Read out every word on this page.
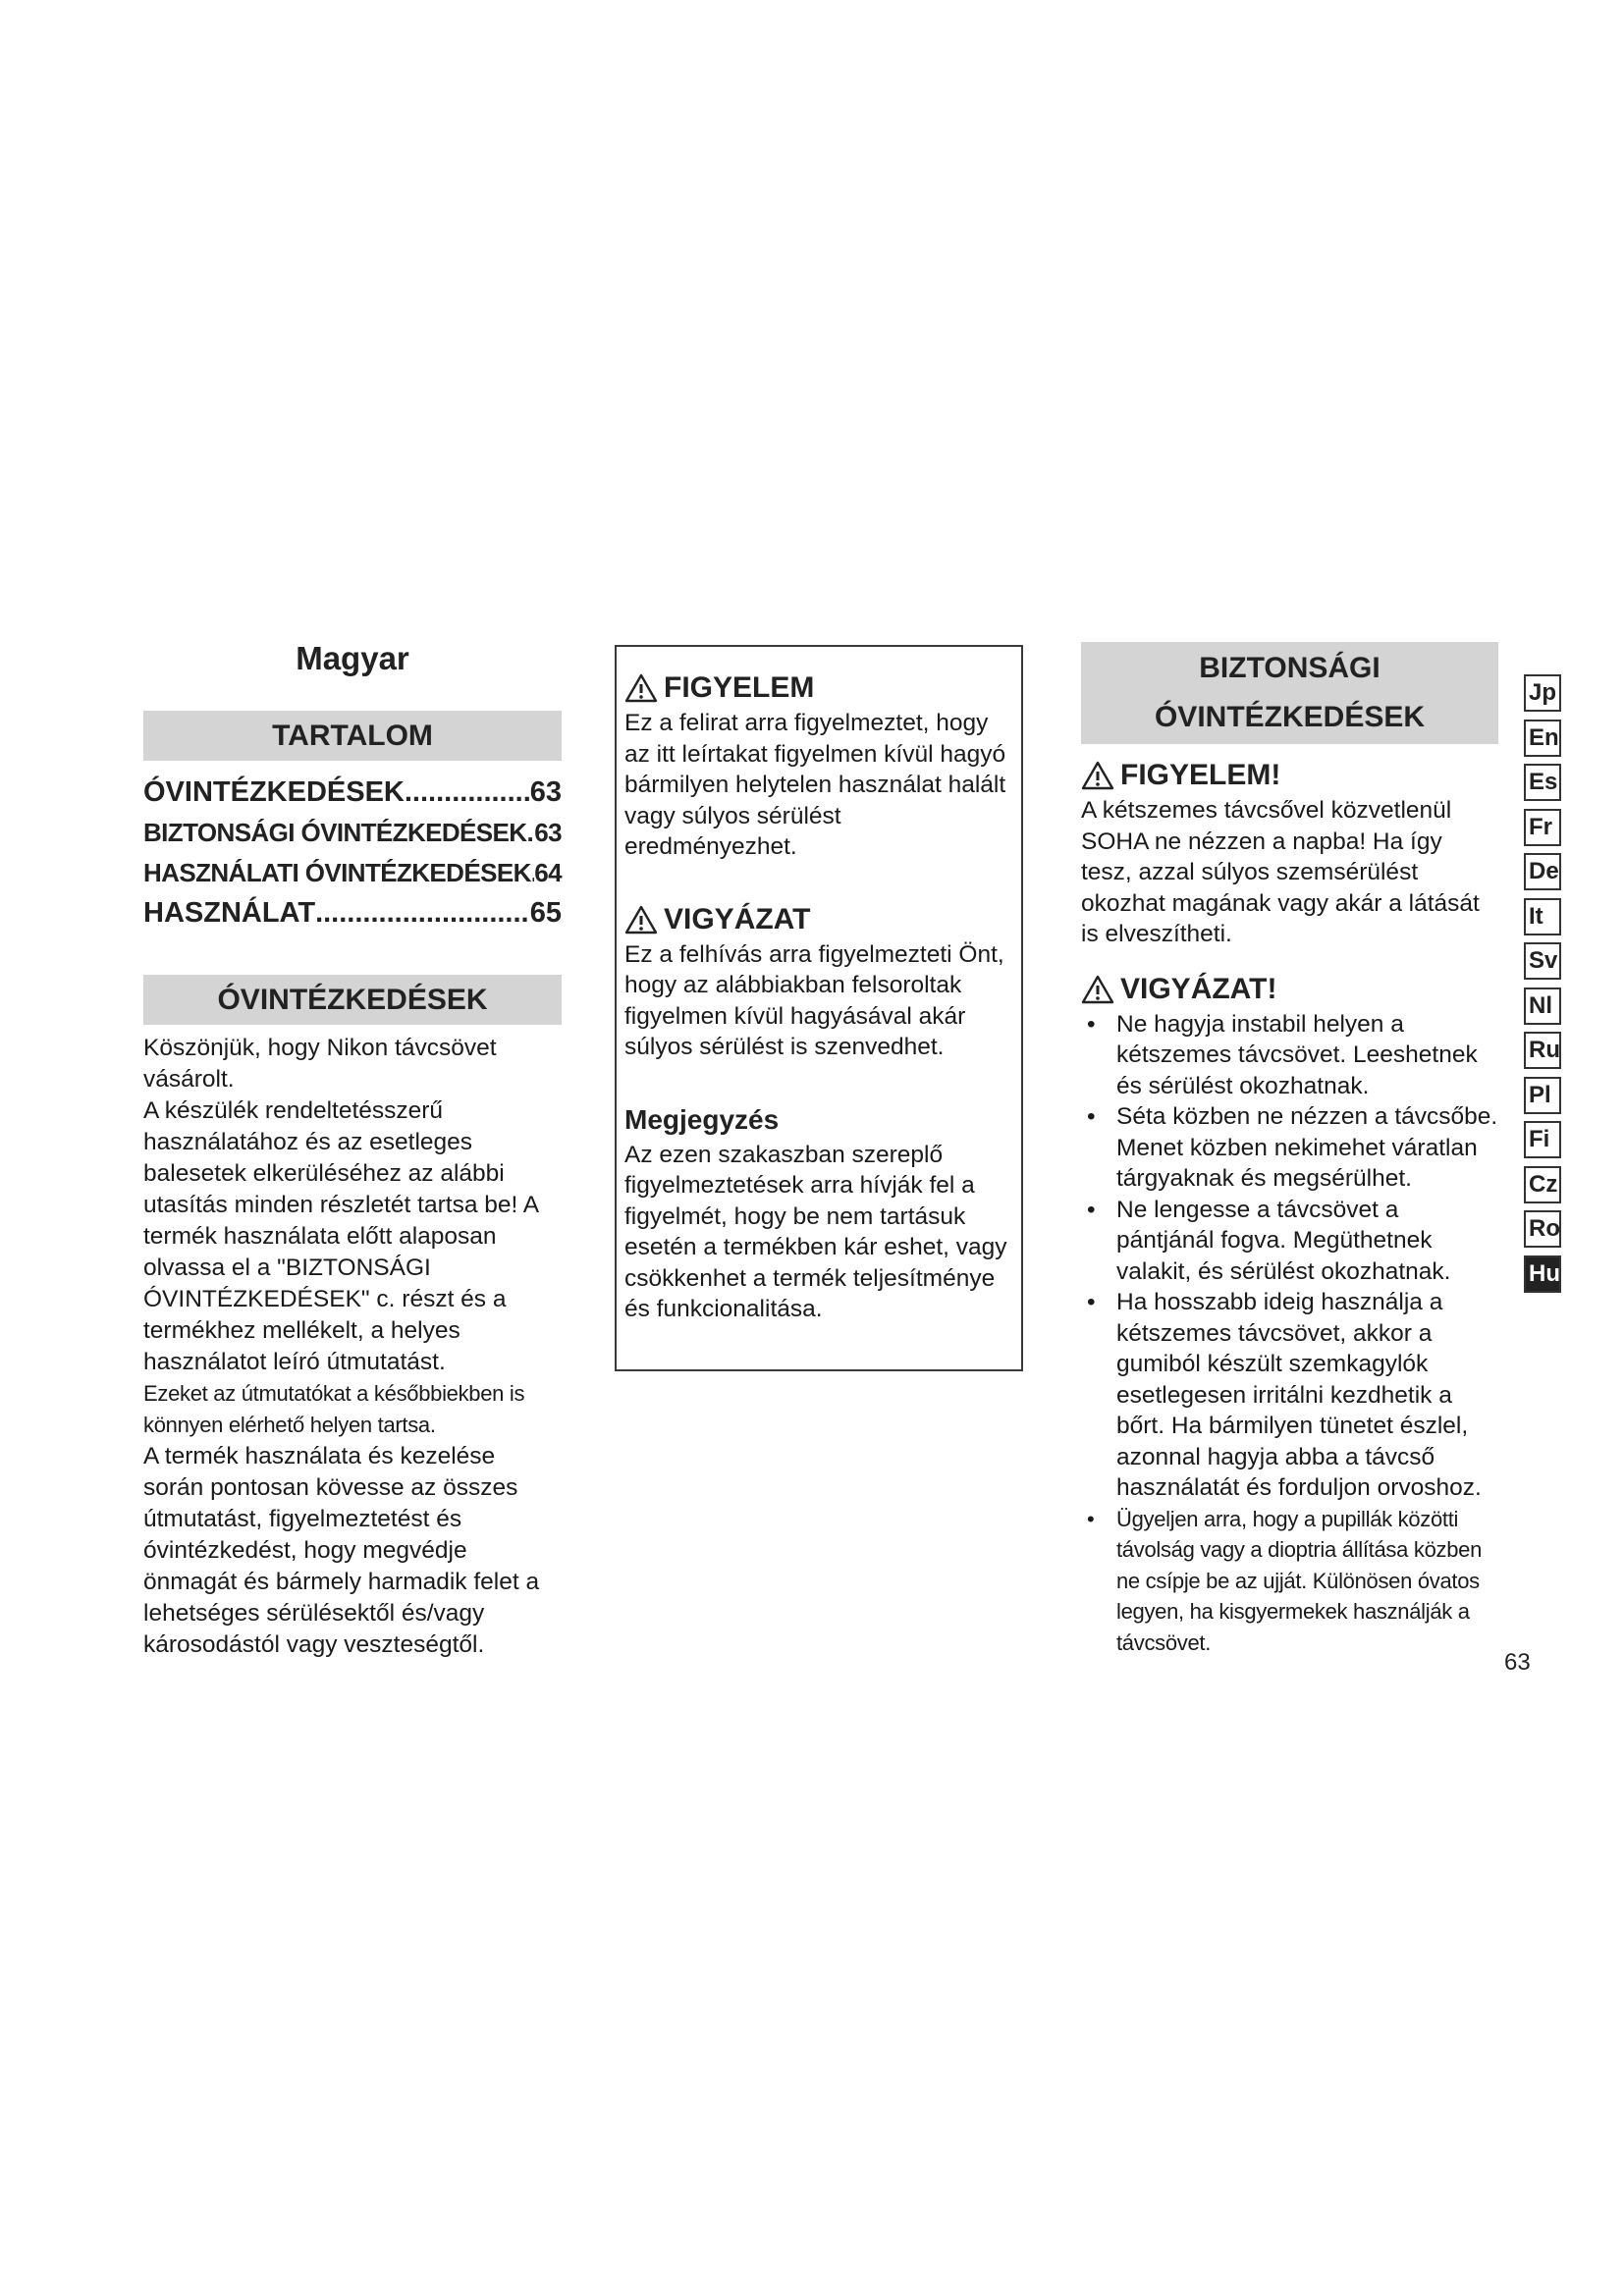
Magyar
TARTALOM
ÓVINTÉZKEDÉSEK .....	63
BIZTONSÁGI ÓVINTÉZKEDÉSEK ..... 63
HASZNÁLATI ÓVINTÉZKEDÉSEK ..... 64
HASZNÁLAT .....	65
ÓVINTÉZKEDÉSEK

Köszönjük, hogy Nikon távcsövet vásárolt.

A készülék rendeltetésszerű használatához és az esetleges balesetek elkerüléséhez az alábbi utasítás minden részletét tartsa be! A termék használata előtt alaposan olvassa el a "BIZTONSÁGI ÓVINTÉZKEDÉSEK" c. részt és a termékhez mellékelt, a helyes használatot leíró útmutatást.

Ezeket az útmutatókat a későbbiekben is könnyen elérhető helyen tartsa.

A termék használata és kezelése során pontosan kövesse az összes útmutatást, figyelmeztetést és óvintézkedést, hogy megvédje önmagát és bármely harmadik felet a lehetséges sérülésektől és/vagy károsodástól vagy veszteségtől.

FIGYELEM

Ez a felirat arra figyelmeztet, hogy az itt leírtakat figyelmen kívül hagyó bármilyen helytelen használat halált vagy súlyos sérülést eredményezhet.

VIGYÁZAT

Ez a felhívás arra figyelmezteti Önt, hogy az alábbiakban felsoroltak figyelmen kívül hagyásával akár súlyos sérülést is szenvedhet.

Megjegyzés

Az ezen szakaszban szereplő figyelmeztetések arra hívják fel a figyelmét, hogy be nem tartásuk esetén a termékben kár eshet, vagy csökkenhet a termék teljesítménye és funkcionalitása.

BIZTONSÁGI
ÓVINTÉZKEDÉSEK
FIGYELEM!

A kétszemes távcsővel közvetlenül SOHA ne nézzen a napba! Ha így tesz, azzal súlyos szemsérülést okozhat magának vagy akár a látását is elveszítheti.

VIGYÁZAT!
• Ne hagyja instabil helyen a kétszemes távcsövet. Leeshetnek és sérülést okozhatnak.
• Séta közben ne nézzen a távcsőbe. Menet közben nekimehet váratlan tárgyaknak és megsérülhet.
• Ne lengesse a távcsövet a pántjánál fogva. Megüthetnek valakit, és sérülést okozhatnak.
• Ha hosszabb ideig használja a kétszemes távcsövet, akkor a gumiból készült szemkagylók esetlegesen irritálni kezdhetik a bőrt. Ha bármilyen tünetet észlel, azonnal hagyja abba a távcső használatát és forduljon orvoshoz.
• Ügyeljen arra, hogy a pupillák közötti távolság vagy a dioptria állítása közben ne csípje be az ujját. Különösen óvatos legyen, ha kisgyermekek használják a távcsövet.
Jp
En
Es
Fr
De
It
Sv
Nl
Ru
Pl
Fi
Cz
Ro
Hu
63
